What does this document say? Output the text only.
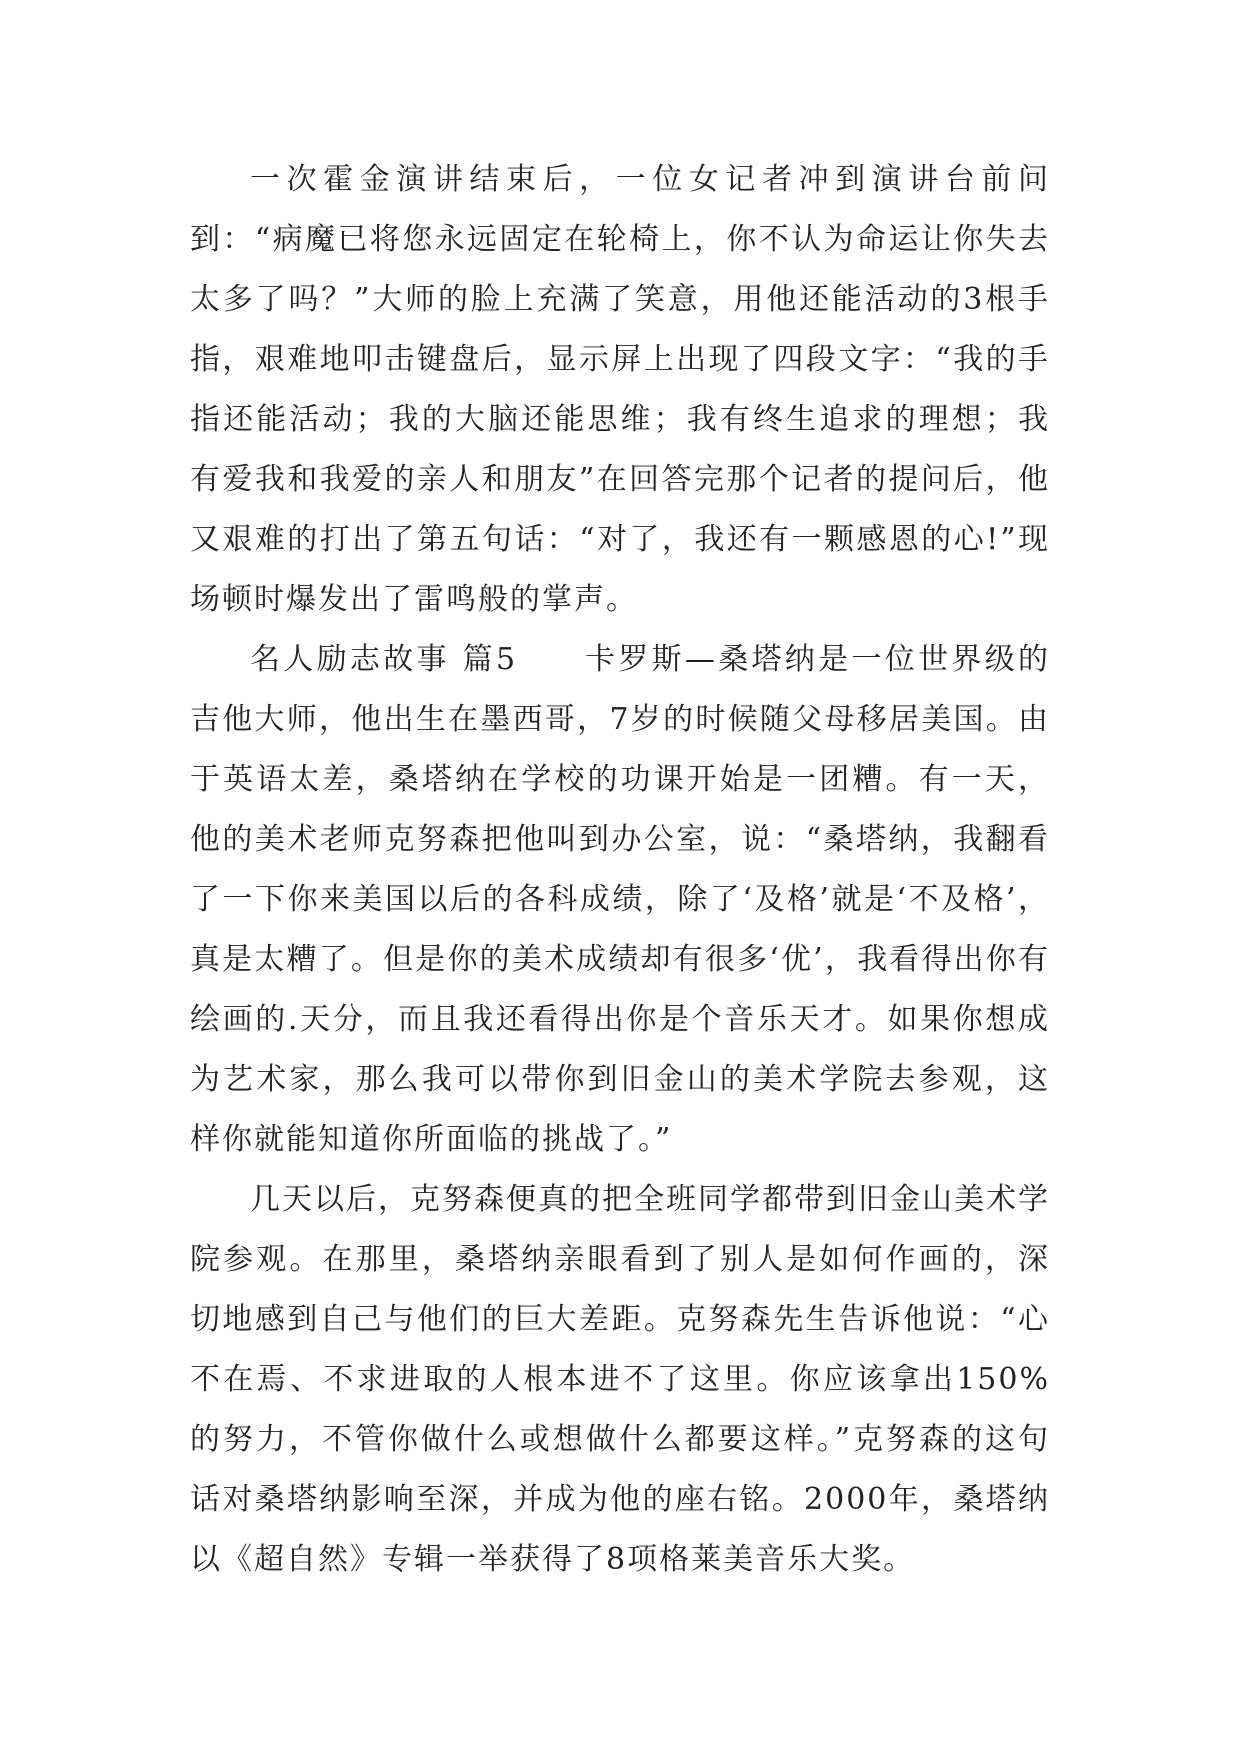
一次霍金演讲结束后，一位女记者冲到演讲台前问到：“病魔已将您永远固定在轮椅上，你不认为命运让你失去太多了吗？”大师的脸上充满了笑意，用他还能活动的3根手指，艰难地叩击键盘后，显示屏上出现了四段文字：“我的手指还能活动；我的大脑还能思维；我有终生追求的理想；我有爱我和我爱的亲人和朋友”在回答完那个记者的提问后，他又艰难的打出了第五句话：“对了，我还有一颗感恩的心!”现场顿时爆发出了雷鸣般的掌声。

名人励志故事 篇5　　卡罗斯—桑塔纳是一位世界级的吉他大师，他出生在墨西哥，7岁的时候随父母移居美国。由于英语太差，桑塔纳在学校的功课开始是一团糟。有一天，他的美术老师克努森把他叫到办公室，说：“桑塔纳，我翻看了一下你来美国以后的各科成绩，除了‘及格’就是‘不及格’，真是太糟了。但是你的美术成绩却有很多‘优’，我看得出你有绘画的.天分，而且我还看得出你是个音乐天才。如果你想成为艺术家，那么我可以带你到旧金山的美术学院去参观，这样你就能知道你所面临的挑战了。”

几天以后，克努森便真的把全班同学都带到旧金山美术学院参观。在那里，桑塔纳亲眼看到了别人是如何作画的，深切地感到自己与他们的巨大差距。克努森先生告诉他说：“心不在焉、不求进取的人根本进不了这里。你应该拿出150%的努力，不管你做什么或想做什么都要这样。”克努森的这句话对桑塔纳影响至深，并成为他的座右铭。2000年，桑塔纳以《超自然》专辑一举获得了8项格莱美音乐大奖。
